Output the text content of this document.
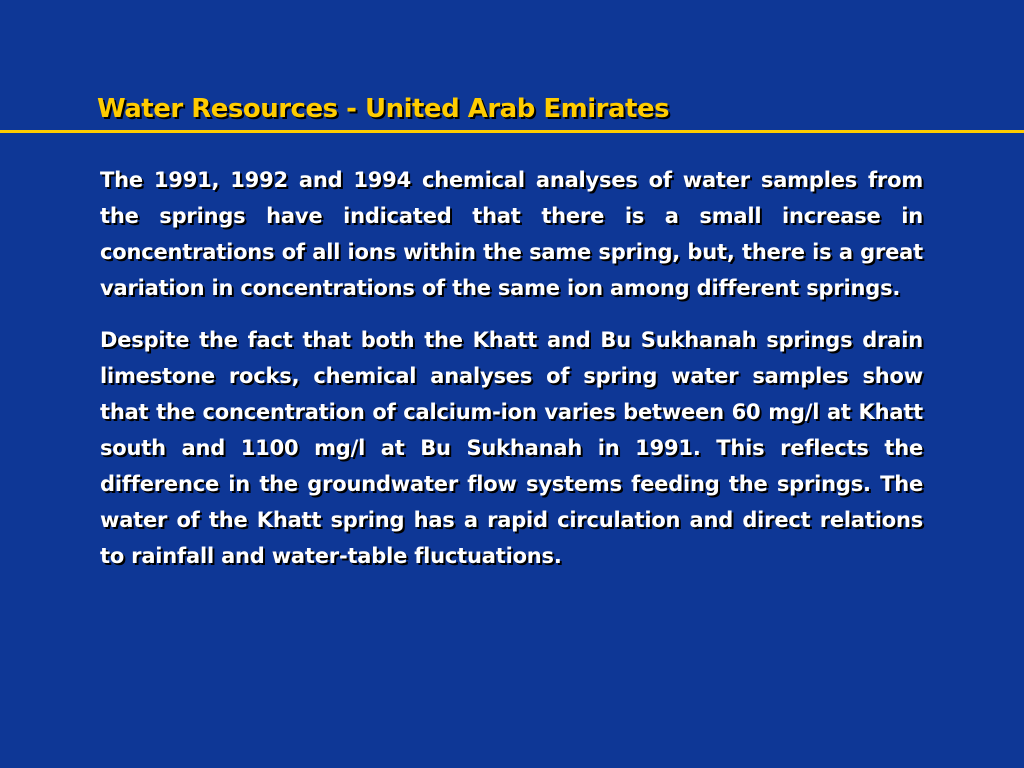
Water Resources - United Arab Emirates

The 1991, 1992 and 1994 chemical analyses of water samples from the springs have indicated that there is a small increase in concentrations of all ions within the same spring, but, there is a great variation in concentrations of the same ion among different springs.

Despite the fact that both the Khatt and Bu Sukhanah springs drain limestone rocks, chemical analyses of spring water samples show that the concentration of calcium-ion varies between 60 mg/l at Khatt south and 1100 mg/l at Bu Sukhanah in 1991. This reflects the difference in the groundwater flow systems feeding the springs. The water of the Khatt spring has a rapid circulation and direct relations to rainfall and water-table fluctuations.
